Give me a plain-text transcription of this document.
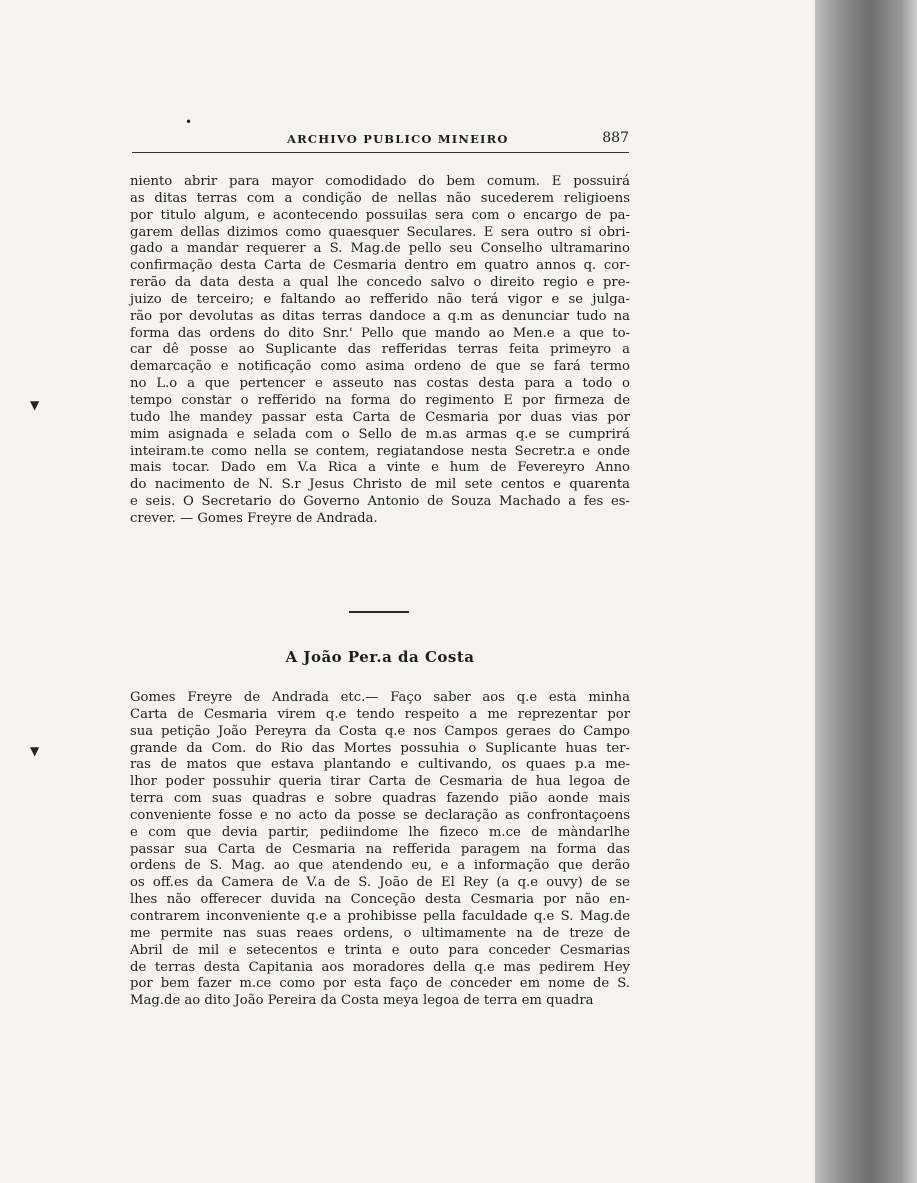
•
ARCHIVO PUBLICO MINEIRO	887
▼
▼

niento abrir para mayor comodidado do bem comum. E possuirá
as ditas terras com a condição de nellas não sucederem religioens
por titulo algum, e acontecendo possuilas sera com o encargo de pa-
garem dellas dizimos como quaesquer Seculares. E sera outro si obri-
gado a mandar requerer a S. Mag.de pello seu Conselho ultramarino
confirmação desta Carta de Cesmaria dentro em quatro annos q. cor-
rerão da data desta a qual lhe concedo salvo o direito regio e pre-
juizo de terceiro; e faltando ao refferido não terá vigor e se julga-
rão por devolutas as ditas terras dandoce a q.m as denunciar tudo na
forma das ordens do dito Snr.' Pello que mando ao Men.e a que to-
car dê posse ao Suplicante das refferidas terras feita primeyro a
demarcação e notificação como asima ordeno de que se fará termo
no L.o a que pertencer e asseuto nas costas desta para a todo o
tempo constar o refferido na forma do regimento E por firmeza de
tudo lhe mandey passar esta Carta de Cesmaria por duas vias por
mim asignada e selada com o Sello de m.as armas q.e se cumprirá
inteiram.te como nella se contem, regiatandose nesta Secretr.a e onde
mais tocar. Dado em V.a Rica a vinte e hum de Fevereyro Anno
do nacimento de N. S.r Jesus Christo de mil sete centos e quarenta
e seis. O Secretario do Governo Antonio de Souza Machado a fes es-
crever. — Gomes Freyre de Andrada.

A João Per.a da Costa

Gomes Freyre de Andrada etc.— Faço saber aos q.e esta minha
Carta de Cesmaria virem q.e tendo respeito a me reprezentar por
sua petição João Pereyra da Costa q.e nos Campos geraes do Campo
grande da Com. do Rio das Mortes possuhia o Suplicante huas ter-
ras de matos que estava plantando e cultivando, os quaes p.a me-
lhor poder possuhir queria tirar Carta de Cesmaria de hua legoa de
terra com suas quadras e sobre quadras fazendo pião aonde mais
conveniente fosse e no acto da posse se declaração as confrontaçoens
e com que devia partir, pediindome lhe fizeco m.ce de màndarlhe
passar sua Carta de Cesmaria na refferida paragem na forma das
ordens de S. Mag. ao que atendendo eu, e a informação que derão
os off.es da Camera de V.a de S. João de El Rey (a q.e ouvy) de se
lhes não offerecer duvida na Conceção desta Cesmaria por não en-
contrarem inconveniente q.e a prohibisse pella faculdade q.e S. Mag.de
me permite nas suas reaes ordens, o ultimamente na de treze de
Abril de mil e setecentos e trinta e outo para conceder Cesmarias
de terras desta Capitania aos moradores della q.e mas pedirem Hey
por bem fazer m.ce como por esta faço de conceder em nome de S.
Mag.de ao dito João Pereira da Costa meya legoa de terra em quadra
